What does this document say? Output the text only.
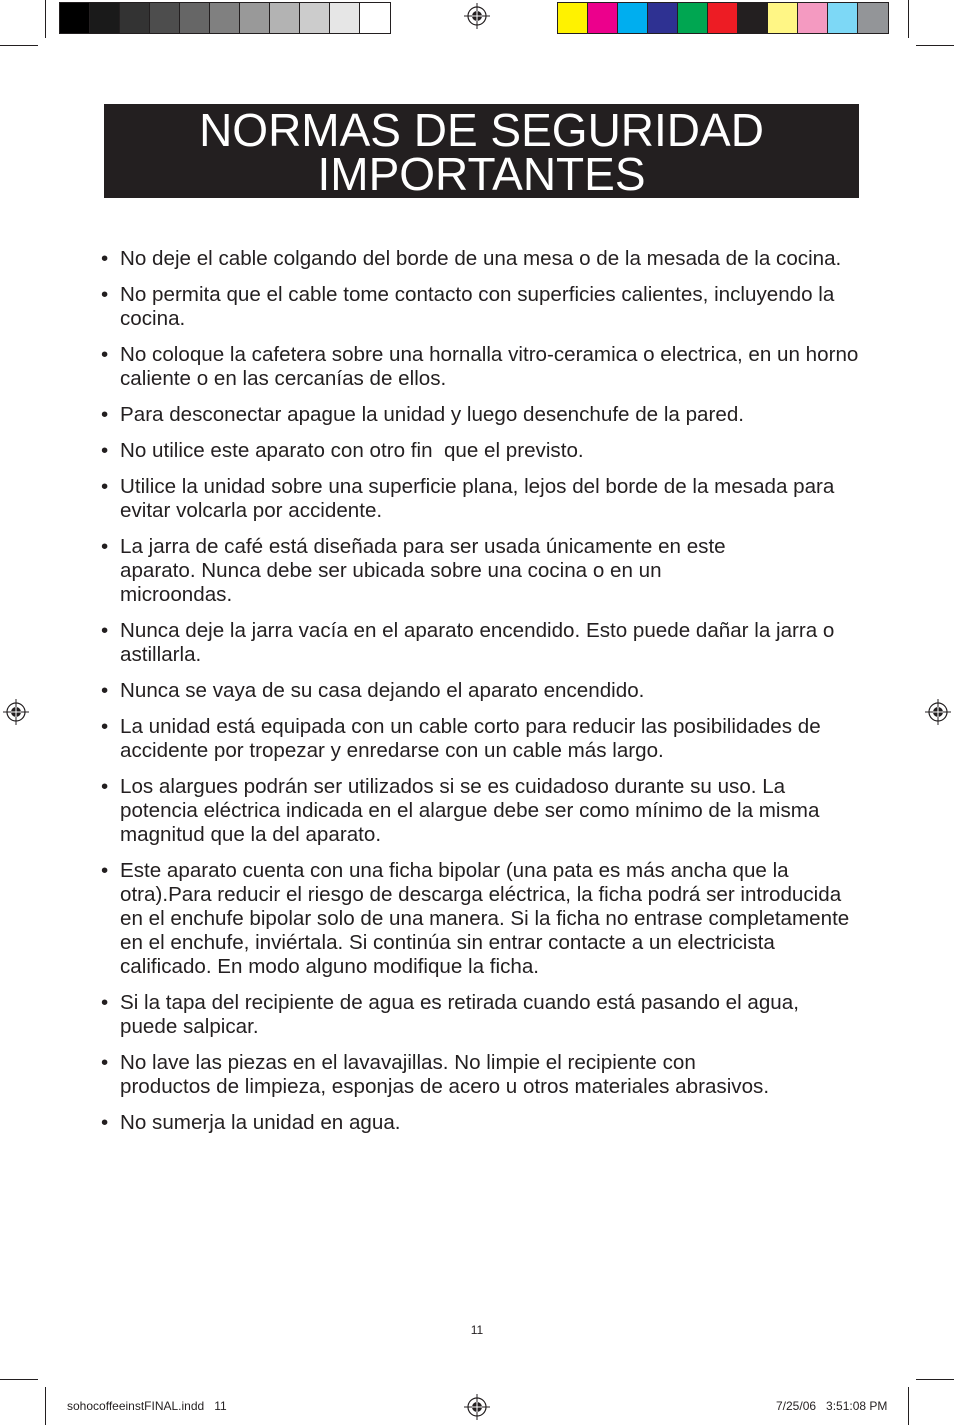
NORMAS DE SEGURIDAD
IMPORTANTES
• No deje el cable colgando del borde de una mesa o de la mesada de la cocina.
• No permita que el cable tome contacto con superficies calientes, incluyendo la cocina.
• No coloque la cafetera sobre una hornalla vitro-ceramica o electrica, en un horno caliente o en las cercanías de ellos.
• Para desconectar apague la unidad y luego desenchufe de la pared.
• No utilice este aparato con otro fin  que el previsto.
• Utilice la unidad sobre una superficie plana, lejos del borde de la mesada para evitar volcarla por accidente.
• La jarra de café está diseñada para ser usada únicamente en este aparato. Nunca debe ser ubicada sobre una cocina o en un microondas.
• Nunca deje la jarra vacía en el aparato encendido. Esto puede dañar la jarra o astillarla.
• Nunca se vaya de su casa dejando el aparato encendido.
• La unidad está equipada con un cable corto para reducir las posibilidades de accidente por tropezar y enredarse con un cable más largo.
• Los alargues podrán ser utilizados si se es cuidadoso durante su uso. La potencia eléctrica indicada en el alargue debe ser como mínimo de la misma magnitud que la del aparato.
• Este aparato cuenta con una ficha bipolar (una pata es más ancha que la otra).Para reducir el riesgo de descarga eléctrica, la ficha podrá ser introducida en el enchufe bipolar solo de una manera. Si la ficha no entrase completamente en el enchufe, inviértala. Si continúa sin entrar contacte a un electricista calificado. En modo alguno modifique la ficha.
• Si la tapa del recipiente de agua es retirada cuando está pasando el agua, puede salpicar.
• No lave las piezas en el lavavajillas. No limpie el recipiente con productos de limpieza, esponjas de acero u otros materiales abrasivos.
• No sumerja la unidad en agua.
11
sohocoffeeinstFINAL.indd   11	7/25/06   3:51:08 PM
